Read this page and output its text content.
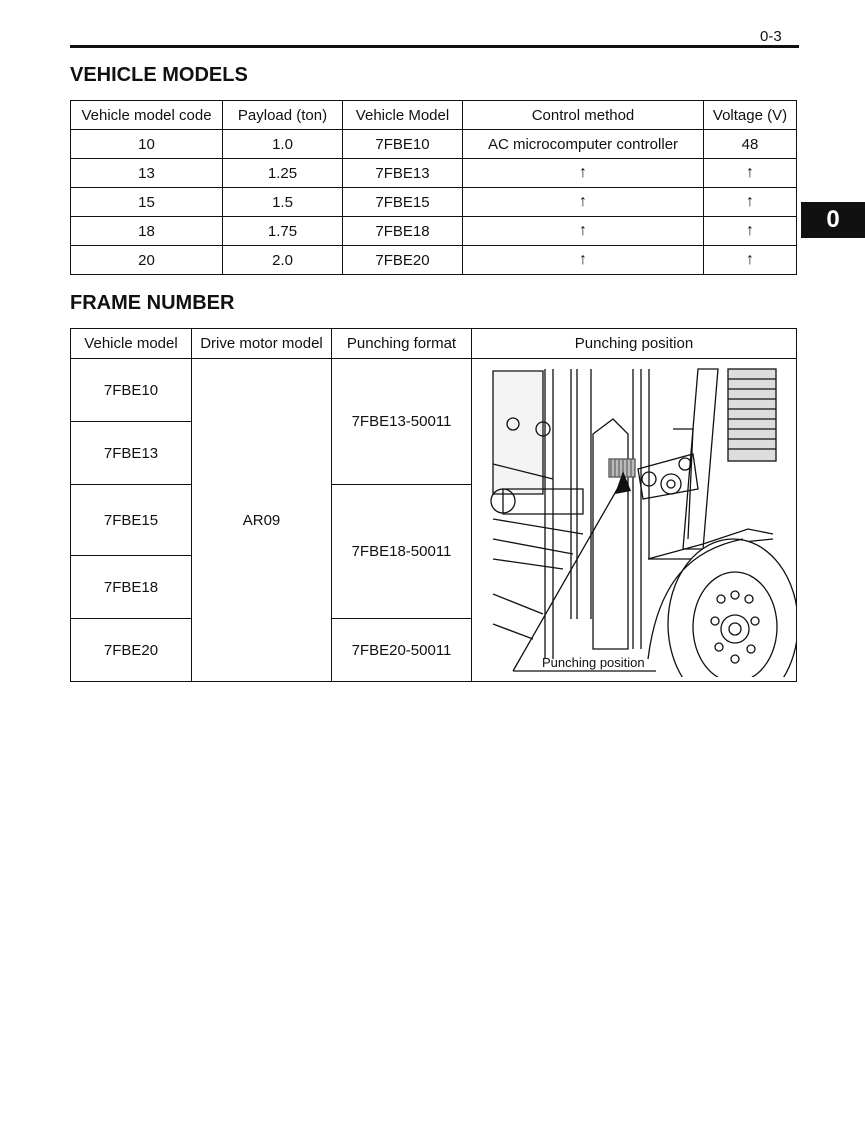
0-3
0
VEHICLE MODELS
Vehicle model code	Payload (ton)	Vehicle Model	Control method	Voltage (V)
10	1.0	7FBE10	AC microcomputer controller	48
13	1.25	7FBE13	↑	↑
15	1.5	7FBE15	↑	↑
18	1.75	7FBE18	↑	↑
20	2.0	7FBE20	↑	↑
FRAME NUMBER
Vehicle model	Drive motor model	Punching format	Punching position
7FBE10	AR09	7FBE13-50011	Punching position

7FBE13			
7FBE15		7FBE18-50011	
7FBE18			
7FBE20		7FBE20-50011	
